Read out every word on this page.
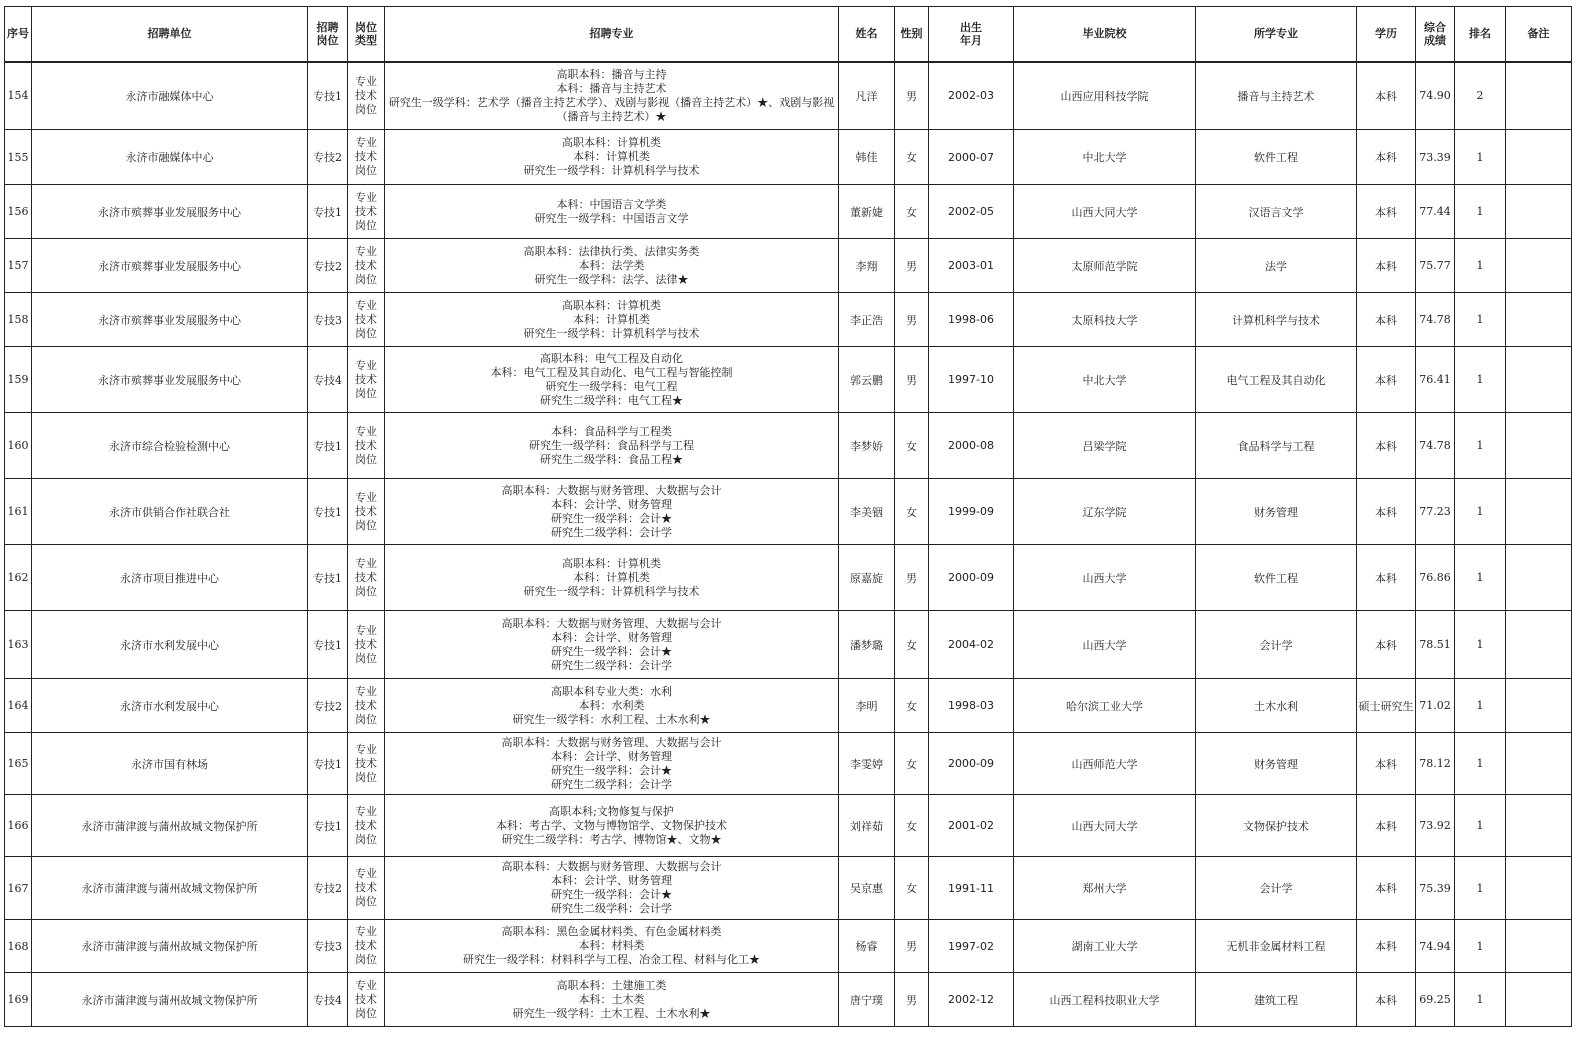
序号	招聘单位	招聘岗位	岗位类型	招聘专业	姓名	性别	出生年月	毕业院校	所学专业	学历	综合成绩	排名	备注
154	永济市融媒体中心	专技1	专业技术岗位	高职本科：播音与主持
本科：播音与主持艺术
研究生一级学科：艺术学（播音主持艺术学）、戏剧与影视（播音主持艺术）★、戏剧与影视（播音与主持艺术）★	凡洋	男	2002-03	山西应用科技学院	播音与主持艺术	本科	74.90	2	
155	永济市融媒体中心	专技2	专业技术岗位	高职本科：计算机类
本科：计算机类
研究生一级学科：计算机科学与技术	韩佳	女	2000-07	中北大学	软件工程	本科	73.39	1	
156	永济市殡葬事业发展服务中心	专技1	专业技术岗位	本科：中国语言文学类
研究生一级学科：中国语言文学	董新婕	女	2002-05	山西大同大学	汉语言文学	本科	77.44	1	
157	永济市殡葬事业发展服务中心	专技2	专业技术岗位	高职本科：法律执行类、法律实务类
本科：法学类
研究生一级学科：法学、法律★	李翔	男	2003-01	太原师范学院	法学	本科	75.77	1	
158	永济市殡葬事业发展服务中心	专技3	专业技术岗位	高职本科：计算机类
本科：计算机类
研究生一级学科：计算机科学与技术	李正浩	男	1998-06	太原科技大学	计算机科学与技术	本科	74.78	1	
159	永济市殡葬事业发展服务中心	专技4	专业技术岗位	高职本科：电气工程及自动化
本科：电气工程及其自动化、电气工程与智能控制
研究生一级学科：电气工程
研究生二级学科：电气工程★	郭云鹏	男	1997-10	中北大学	电气工程及其自动化	本科	76.41	1	
160	永济市综合检验检测中心	专技1	专业技术岗位	本科：食品科学与工程类
研究生一级学科：食品科学与工程
研究生二级学科：食品工程★	李梦娇	女	2000-08	吕梁学院	食品科学与工程	本科	74.78	1	
161	永济市供销合作社联合社	专技1	专业技术岗位	高职本科：大数据与财务管理、大数据与会计
本科：会计学、财务管理
研究生一级学科：会计★
研究生二级学科：会计学	李美铟	女	1999-09	辽东学院	财务管理	本科	77.23	1	
162	永济市项目推进中心	专技1	专业技术岗位	高职本科：计算机类
本科：计算机类
研究生一级学科：计算机科学与技术	原嘉旋	男	2000-09	山西大学	软件工程	本科	76.86	1	
163	永济市水利发展中心	专技1	专业技术岗位	高职本科：大数据与财务管理、大数据与会计
本科：会计学、财务管理
研究生一级学科：会计★
研究生二级学科：会计学	潘梦璐	女	2004-02	山西大学	会计学	本科	78.51	1	
164	永济市水利发展中心	专技2	专业技术岗位	高职本科专业大类：水利
本科：水利类
研究生一级学科：水利工程、土木水利★	李明	女	1998-03	哈尔滨工业大学	土木水利	硕士研究生	71.02	1	
165	永济市国有林场	专技1	专业技术岗位	高职本科：大数据与财务管理、大数据与会计
本科：会计学、财务管理
研究生一级学科：会计★
研究生二级学科：会计学	李雯婷	女	2000-09	山西师范大学	财务管理	本科	78.12	1	
166	永济市蒲津渡与蒲州故城文物保护所	专技1	专业技术岗位	高职本科;文物修复与保护
本科：考古学、文物与博物馆学、文物保护技术
研究生二级学科：考古学、博物馆★、文物★	刘祥茹	女	2001-02	山西大同大学	文物保护技术	本科	73.92	1	
167	永济市蒲津渡与蒲州故城文物保护所	专技2	专业技术岗位	高职本科：大数据与财务管理、大数据与会计
本科：会计学、财务管理
研究生一级学科：会计★
研究生二级学科：会计学	吴京惠	女	1991-11	郑州大学	会计学	本科	75.39	1	
168	永济市蒲津渡与蒲州故城文物保护所	专技3	专业技术岗位	高职本科：黑色金属材料类、有色金属材料类
本科：材料类
研究生一级学科：材料科学与工程、冶金工程、材料与化工★	杨睿	男	1997-02	湖南工业大学	无机非金属材料工程	本科	74.94	1	
169	永济市蒲津渡与蒲州故城文物保护所	专技4	专业技术岗位	高职本科：土建施工类
本科：土木类
研究生一级学科：土木工程、土木水利★	唐宁璞	男	2002-12	山西工程科技职业大学	建筑工程	本科	69.25	1	
